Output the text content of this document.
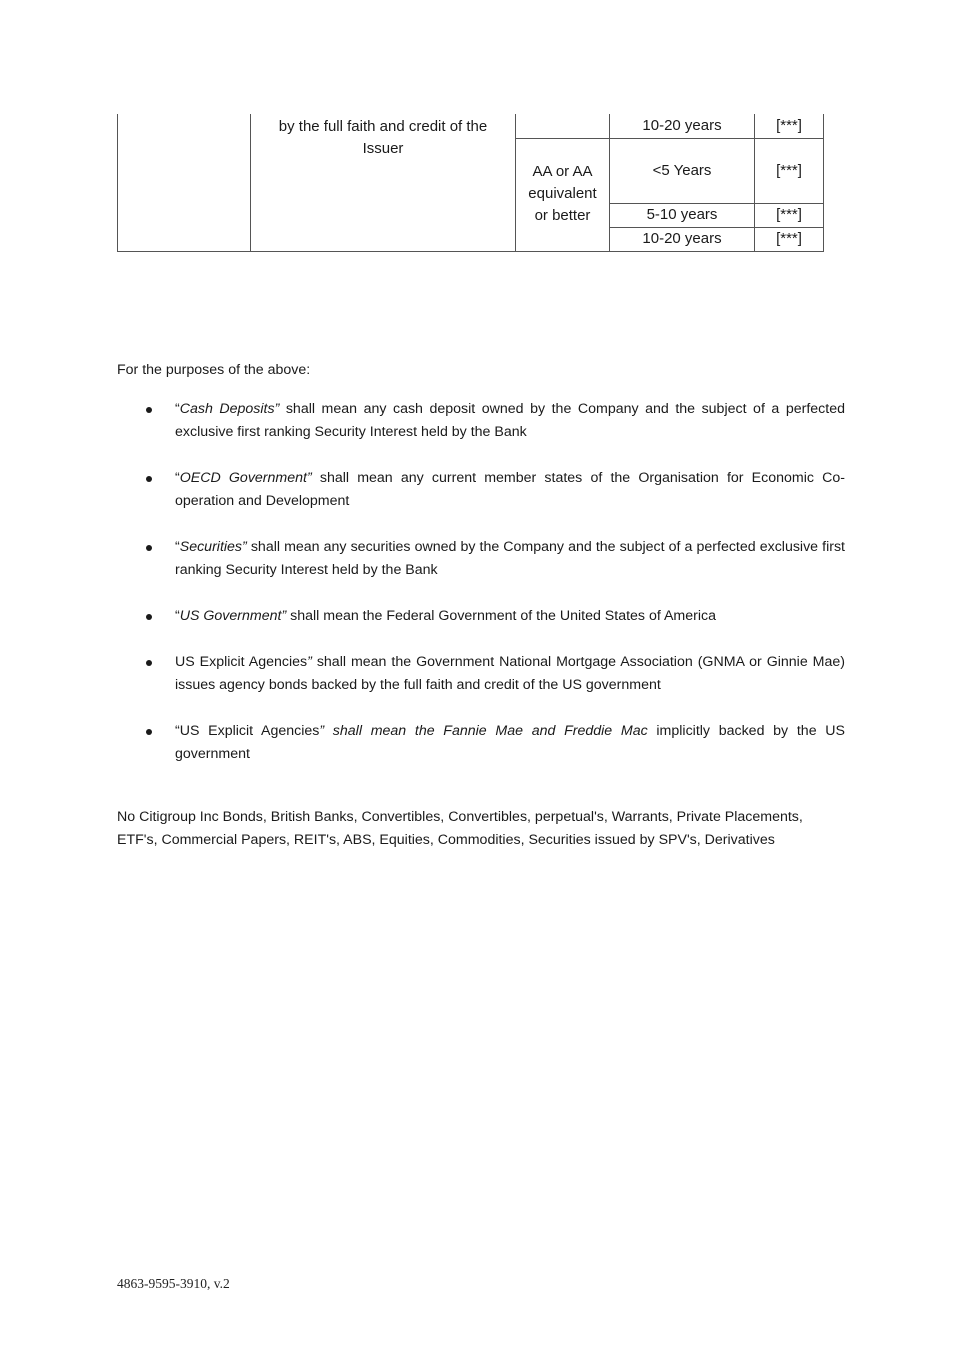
	by the full faith and credit of the Issuer		10-20 years	[***]
		AA or AA equivalent or better	<5 Years	[***]
			5-10 years	[***]
			10-20 years	[***]
For the purposes of the above:
“Cash Deposits” shall mean any cash deposit owned by the Company and the subject of a perfected exclusive first ranking Security Interest held by the Bank
“OECD Government” shall mean any current member states of the Organisation for Economic Co-operation and Development
“Securities” shall mean any securities owned by the Company and the subject of a perfected exclusive first ranking Security Interest held by the Bank
“US Government” shall mean the Federal Government of the United States of America
US Explicit Agencies” shall mean the Government National Mortgage Association (GNMA or Ginnie Mae) issues agency bonds backed by the full faith and credit of the US government
“US Explicit Agencies” shall mean the Fannie Mae and Freddie Mac implicitly backed by the US government
No Citigroup Inc Bonds, British Banks, Convertibles, Convertibles, perpetual's, Warrants, Private Placements, ETF's, Commercial Papers, REIT's, ABS, Equities, Commodities, Securities issued by SPV's, Derivatives
4863-9595-3910, v.2
